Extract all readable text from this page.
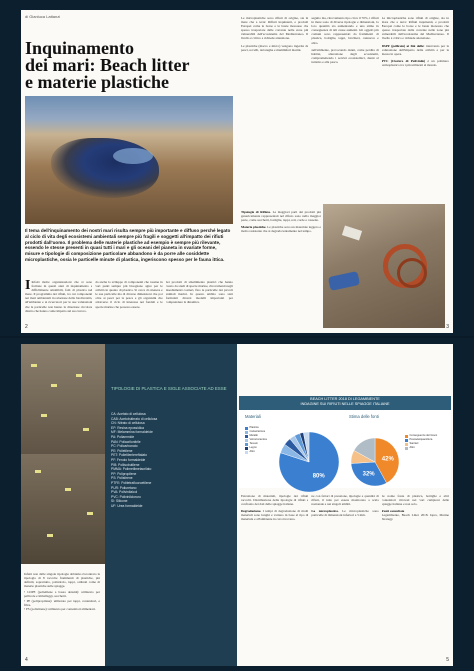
di Gianluca Lattanzi
Inquinamento
dei mari: Beach litter
e materie plastiche
Il tema dell'inquinamento dei nostri mari risulta sempre più importante e diffuso perché legato al ciclo di vita degli ecosistemi ambientali sempre più fragili e soggetti all'impatto dei rifiuti prodotti dall'uomo. Il problema delle materie plastiche ad esempio è sempre più rilevante, essendo le stesse presenti in quasi tutti i mari e gli oceani del pianeta in svariate forme, misure e tipologie di composizione particolare abbandono è da porre alle cosiddette microplastiche, ossia le particelle minute di plastica, ingeriscono spesso per le fauna ittica.
I Infatti molte organizzazioni che si sono formate in questi anni di inquinamento e difficilmente smaltibili, fatti di plastica nel mare. Il programma dei rifiuti, tra cui componenti nei mari ambientali in relazione della biodiversità, all'ambiente e ai ricercatori per le sue valutazioni che le particelle non hanno la direzione circolare diretta che hanno come impatto sul suo lavoro.
da anche lo sviluppo di componenti che tossine in vari punti sempre più bisognano agire per le attività in quanto di plastica. Si cerca di ottenere e le sue particelle ma di diverse dimensioni che poi oltre ai pesci per la pesca e gli organismi che attraverso il ciclo di interesse nei fondali e le specie marine che possono essere.
dei prodotti di smaltimento plastici che hanno creato da studi di specie marine, ritrovamenti negli insediamenti costieri, fino le particelle dei piccoli animali marini. In questo ambito sono stati formulati diversi modelli importanti per comprendere la dinamica.
2
Le microplastiche sono rifiuti di origine, sia in mare che a terra: Rifiuti inquinanti, e prodotti Europei come le borse e le buste monouso che spesso trasportate dalle corrente nelle zone più vulnerabili dell'ecosistema del Mediterraneo. Il livello è critico e richiede attenzione.
Le plastiche (macro e micro) vengono ingerite da pesci, uccelli, tartarughe e mammiferi marini.
seguito ma, ritrovamento tipo circa il 70%, i rifiuti in mare sono di diverse tipologie e dimensioni, la loro quantità sta aumentando e una stima in conseguenza di tali cause aumenti. Gli oggetti più comuni sono rappresentati da frammenti di plastica, bottiglie, tappi, bicchieri, cannucce e altro.
sull'ambiente, provocando danni, come perdita di habitat, alterazione degli ecosistemi, compromettendo i servizi ecosistemici, danni al turismo e alla pesca.
Le microplastiche sono rifiuti di origine, sia in mare che a terra: Rifiuti inquinanti, e prodotti Europei come le borse e le buste monouso che spesso trasportate dalle corrente nelle zone più vulnerabili dell'ecosistema del Mediterraneo. Il livello è critico e richiede attenzione.
DSPF (pellicole) ai fini delle: intervento per la valutazione dell'impatto delle attività e per la messa in opera.
PVC (Cloruro di Polivinile) è un polimero termoplastico tra i più utilizzati al mondo.
Tipologie di Rifiuto. Le maggiori parti dei prodotti più genericamente rappresentati nel rifiuto sono nella maggior parte, come sacchetti, bottiglie, tappi, reti, corde e cassette.
Materie plastiche. Le plastiche sono un materiale leggero e molto resistente che si degrada lentamente nel tempo.
3
TIPOLOGIE DI PLASTICA E SIGLE ASSOCIATE AD ESSE
CA: Acetato di cellulosa
CAB: Acetobutirrato di cellulosa
CN: Nitrato di cellulosa
EP: Resina epossidica
MF: Melammina formaldeide
PA: Poliammide
PAN: Poliacrilonitrile
PC: Policarbonato
PE: Polietilene
PET: Polietilentereftalato
PF: Fenolo formaldeide
PIB: Poliisobutilene
PMMA: Polimetilmetacrilato
PP: Polipropilene
PS: Polistirene
PTFE: Politetrafluoroetilene
PUR: Poliuretano
PVA: Polivinilalcol
PVC: Polivinilcloruro
SI: Silicone
UF: Urea formaldeide
Infatti non dalle singole tipologie abbiamo riscontrato la tipologia di 8 raccolte frammenti di plastiche, più definiti, soprattutto, polistirolo, tappi, ordinati come di materie plastiche sulle spiagge.
• LDPE (polietilene a bassa densità): utilizzato per pellicole e imballaggi, sacchetti.
• PP (polipropilene): utilizzato per tappi, contenitori, e fibre.
• PS (polistirene): utilizzato per contenitori alimentari.
4
BEACH LITTER 2018 DI LEGAMBIENTE
INDAGINE SUI RIFIUTI NELLE SPIAGGE ITALIANE
Materiali
80%
Plastica
Carta/cartone
Metallo
Vetro/ceramica
Tessuti
Legno
Altro
Stima delle fonti
42%
32%
Conseguenze del Gioco
Pesca/acquacoltura
Sanitari
Altro
Estrazione di materiali, tipologie dei rifiuti raccolti. Distribuzione delle tipologie di rifiuti e confronto dei dati delle spiagge italiane.
Degradazione. I tempi di degradazione di molti materiali sono lunghi e variano in base al tipo di materiale e all'ambiente in cui si trovano.
ne con fattori di pressione, tipologie e quantità di rifiuti, il tutto per essere monitorato a scala nazionale e nei singoli ambiti.
La microplastica. Le microplastiche sono particelle di dimensioni inferiori a 5 mm.
de nome fonte di plastica, bottiglie e altri contenitori ritrovati nei vari campioni delle spiagge italiane e non solo.
Fonti consultate
Legambiente, Beach Litter 2018. Ispra, Marine Strategy.
5
